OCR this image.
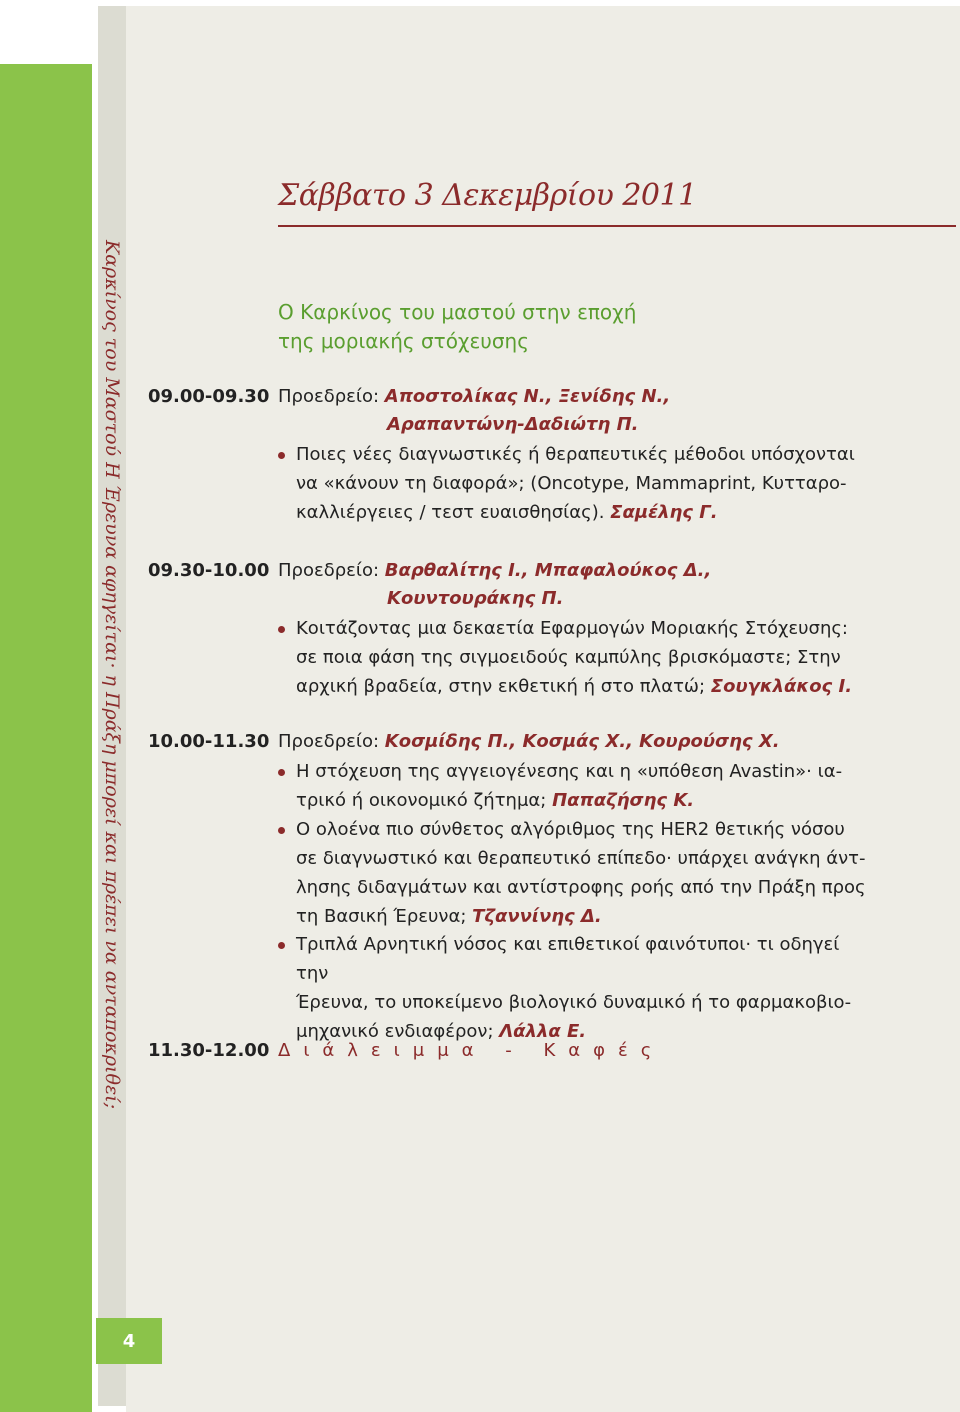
Καρκίνος του Μαστού Η Έρευνα αφηγείται· η Πράξη μπορεί και πρέπει να ανταποκριθεί;
4
Σάββατο 3 Δεκεμβρίου 2011
Ο Καρκίνος του μαστού στην εποχή
της μοριακής στόχευσης
09.00-09.30 Προεδρείο: Αποστολίκας Ν., Ξενίδης Ν.,
Αραπαντώνη-Δαδιώτη Π.
Ποιες νέες διαγνωστικές ή θεραπευτικές μέθοδοι υπόσχονται
να «κάνουν τη διαφορά»; (Oncotype, Mammaprint, Κυτταρο-
καλλιέργειες / τεστ ευαισθησίας). Σαμέλης Γ.
09.30-10.00 Προεδρείο: Βαρθαλίτης Ι., Μπαφαλούκος Δ.,
Κουντουράκης Π.
Κοιτάζοντας μια δεκαετία Εφαρμογών Μοριακής Στόχευσης:
σε ποια φάση της σιγμοειδούς καμπύλης βρισκόμαστε; Στην
αρχική βραδεία, στην εκθετική ή στο πλατώ; Σουγκλάκος Ι.
10.00-11.30 Προεδρείο: Κοσμίδης Π., Κοσμάς Χ., Κουρούσης Χ.
Η στόχευση της αγγειογένεσης και η «υπόθεση Avastin»· ια-
τρικό ή οικονομικό ζήτημα; Παπαζήσης Κ.
Ο ολοένα πιο σύνθετος αλγόριθμος της HER2 θετικής νόσου
σε διαγνωστικό και θεραπευτικό επίπεδο· υπάρχει ανάγκη άντ-
λησης διδαγμάτων και αντίστροφης ροής από την Πράξη προς
τη Βασική Έρευνα; Τζαννίνης Δ.
Τριπλά Αρνητική νόσος και επιθετικοί φαινότυποι· τι οδηγεί την
Έρευνα, το υποκείμενο βιολογικό δυναμικό ή το φαρμακοβιο-
μηχανικό ενδιαφέρον; Λάλλα Ε.
11.30-12.00 Διάλειμμα - Καφές
